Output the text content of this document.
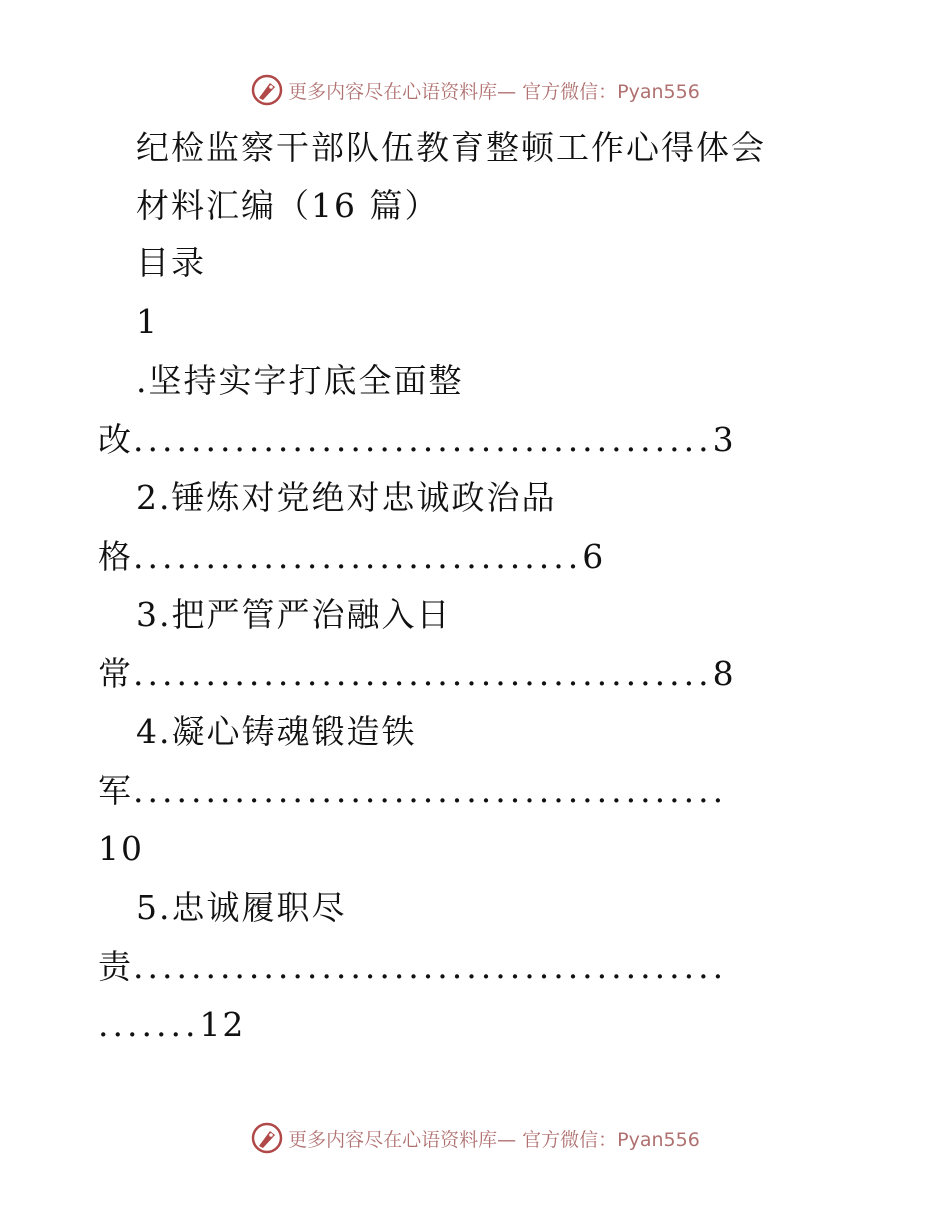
更多内容尽在心语资料库— 官方微信：Pyan556
纪检监察干部队伍教育整顿工作心得体会
材料汇编（16 篇）
目录
1
.坚持实字打底全面整
改........................................3
2.锤炼对党绝对忠诚政治品
格...............................6
3.把严管严治融入日
常........................................8
4.凝心铸魂锻造铁
军.........................................
10
5.忠诚履职尽
责.........................................
.......12
更多内容尽在心语资料库— 官方微信：Pyan556
